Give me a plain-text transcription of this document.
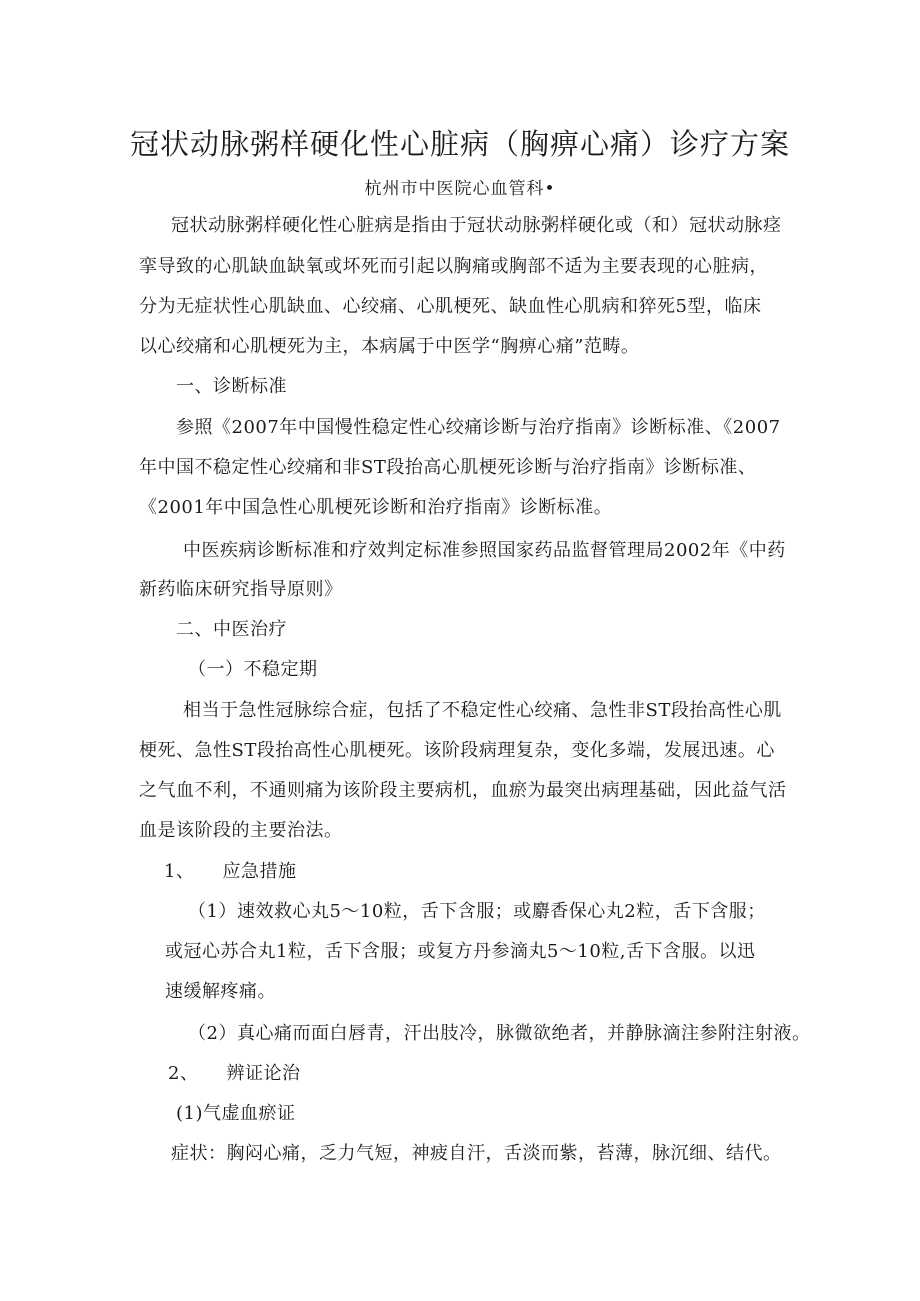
冠状动脉粥样硬化性心脏病（胸痹心痛）诊疗方案
杭州市中医院心血管科•
冠状动脉粥样硬化性心脏病是指由于冠状动脉粥样硬化或（和）冠状动脉痉
挛导致的心肌缺血缺氧或坏死而引起以胸痛或胸部不适为主要表现的心脏病，
分为无症状性心肌缺血、心绞痛、心肌梗死、缺血性心肌病和猝死5型，临床
以心绞痛和心肌梗死为主，本病属于中医学“胸痹心痛”范畴。
一、诊断标准
参照《2007年中国慢性稳定性心绞痛诊断与治疗指南》诊断标准、《2007
年中国不稳定性心绞痛和非ST段抬高心肌梗死诊断与治疗指南》诊断标准、
《2001年中国急性心肌梗死诊断和治疗指南》诊断标准。
中医疾病诊断标准和疗效判定标准参照国家药品监督管理局2002年《中药
新药临床研究指导原则》
二、中医治疗
（一）不稳定期
相当于急性冠脉综合症，包括了不稳定性心绞痛、急性非ST段抬高性心肌
梗死、急性ST段抬高性心肌梗死。该阶段病理复杂，变化多端，发展迅速。心
之气血不利，不通则痛为该阶段主要病机，血瘀为最突出病理基础，因此益气活
血是该阶段的主要治法。
1、　　应急措施
（1）速效救心丸5～10粒，舌下含服；或麝香保心丸2粒，舌下含服；
或冠心苏合丸1粒，舌下含服；或复方丹参滴丸5～10粒,舌下含服。以迅
速缓解疼痛。
（2）真心痛而面白唇青，汗出肢冷，脉微欲绝者，并静脉滴注参附注射液。
2、　　辨证论治
(1)气虚血瘀证
症状：胸闷心痛，乏力气短，神疲自汗，舌淡而紫，苔薄，脉沉细、结代。
